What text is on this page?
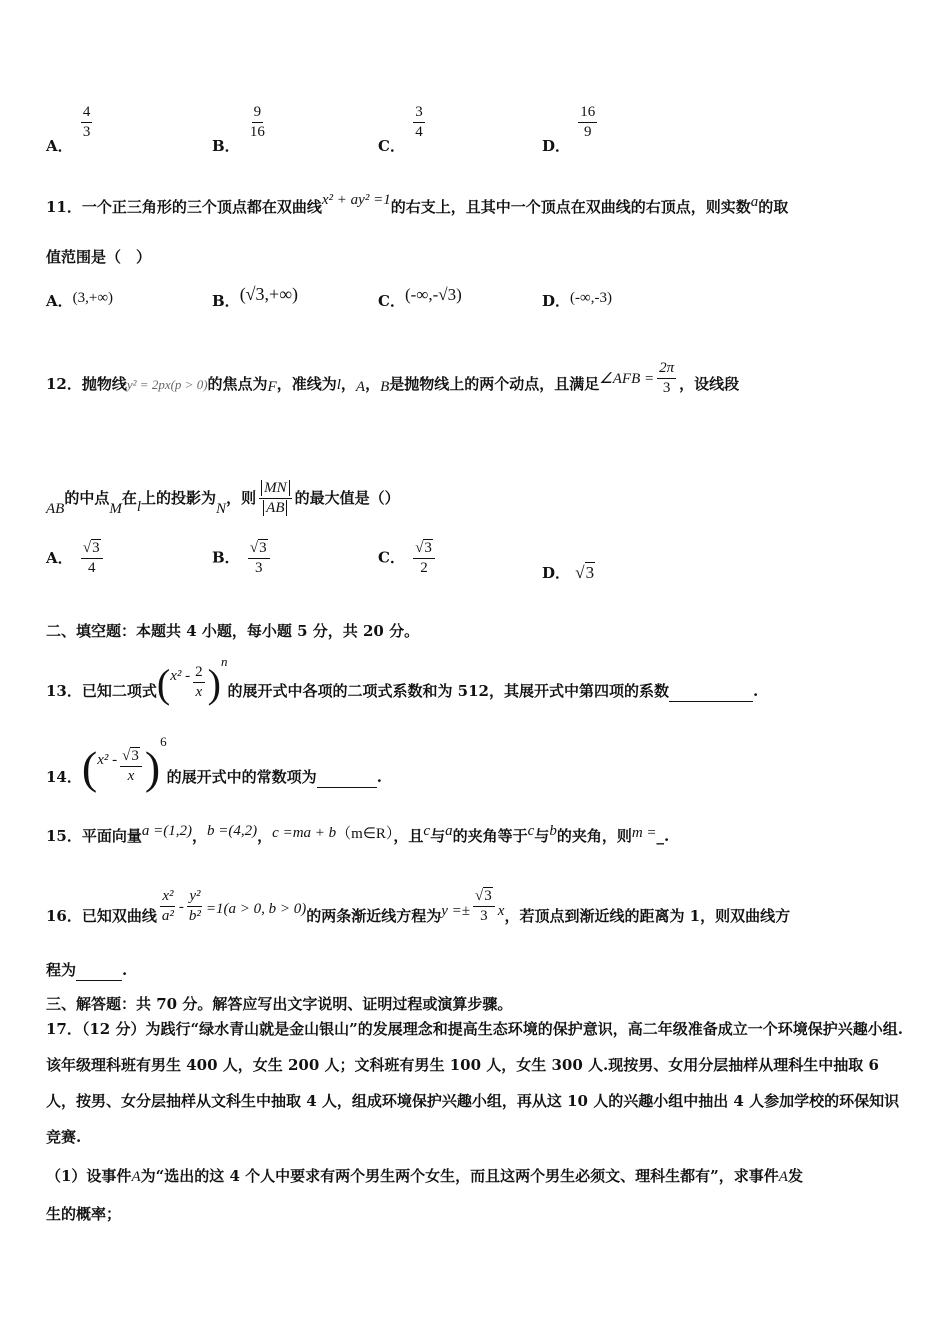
A．
$\frac{4}{3}$
B．
$\frac{9}{16}$
C．
$\frac{3}{4}$
D．
$\frac{16}{9}$
11．一个正三角形的三个顶点都在双曲线x² + ay² =1的右支上，且其中一个顶点在双曲线的右顶点，则实数a的取
值范围是（　）
A．(3,+∞)	B．(√3,+∞)	C．(-∞,-√3)	D．(-∞,-3)
12．抛物线y² = 2px(p > 0)的焦点为F，准线为l，A，B是抛物线上的两个动点，且满足∠AFB = $\frac{2\pi}{3}$ ，设线段
AB的中点M在l上的投影为N，则 $\frac{MN}{AB}$ 的最大值是（）
A． $\frac{√3}{4}$	B． $\frac{√3}{3}$	C． $\frac{√3}{2}$	D． √3
二、填空题：本题共 4 小题，每小题 5 分，共 20 分。
13．已知二项式$(x^2 - \frac{2}{x} )n$的展开式中各项的二项式系数和为 512，其展开式中第四项的系数	.
14．$(x^2 - \frac{√3}{x} )6$的展开式中的常数项为	.
15．平面向量a =(1,2)，b =(4,2)，c =ma + b（m∈R），且c与a的夹角等于c与b的夹角，则m =_.
16．已知双曲线 $\frac{\text{x²}}{\text{a²}} - \frac{\text{y²}}{\text{b²}} =1(a > 0$, b > 0)的两条渐近线方程为$y =\pm \frac{√3}{3}$ x，若顶点到渐近线的距离为 1，则双曲线方
程为	.
三、解答题：共 70 分。解答应写出文字说明、证明过程或演算步骤。
17．（12 分）为践行“绿水青山就是金山银山”的发展理念和提高生态环境的保护意识，高二年级准备成立一个环境保护兴趣小组.该年级理科班有男生 400 人，女生 200 人；文科班有男生 100 人，女生 300 人.现按男、女用分层抽样从理科生中抽取 6 人，按男、女分层抽样从文科生中抽取 4 人，组成环境保护兴趣小组，再从这 10 人的兴趣小组中抽出 4 人参加学校的环保知识竞赛.
（1）设事件A为“选出的这 4 个人中要求有两个男生两个女生，而且这两个男生必须文、理科生都有”，求事件A发
生的概率；
